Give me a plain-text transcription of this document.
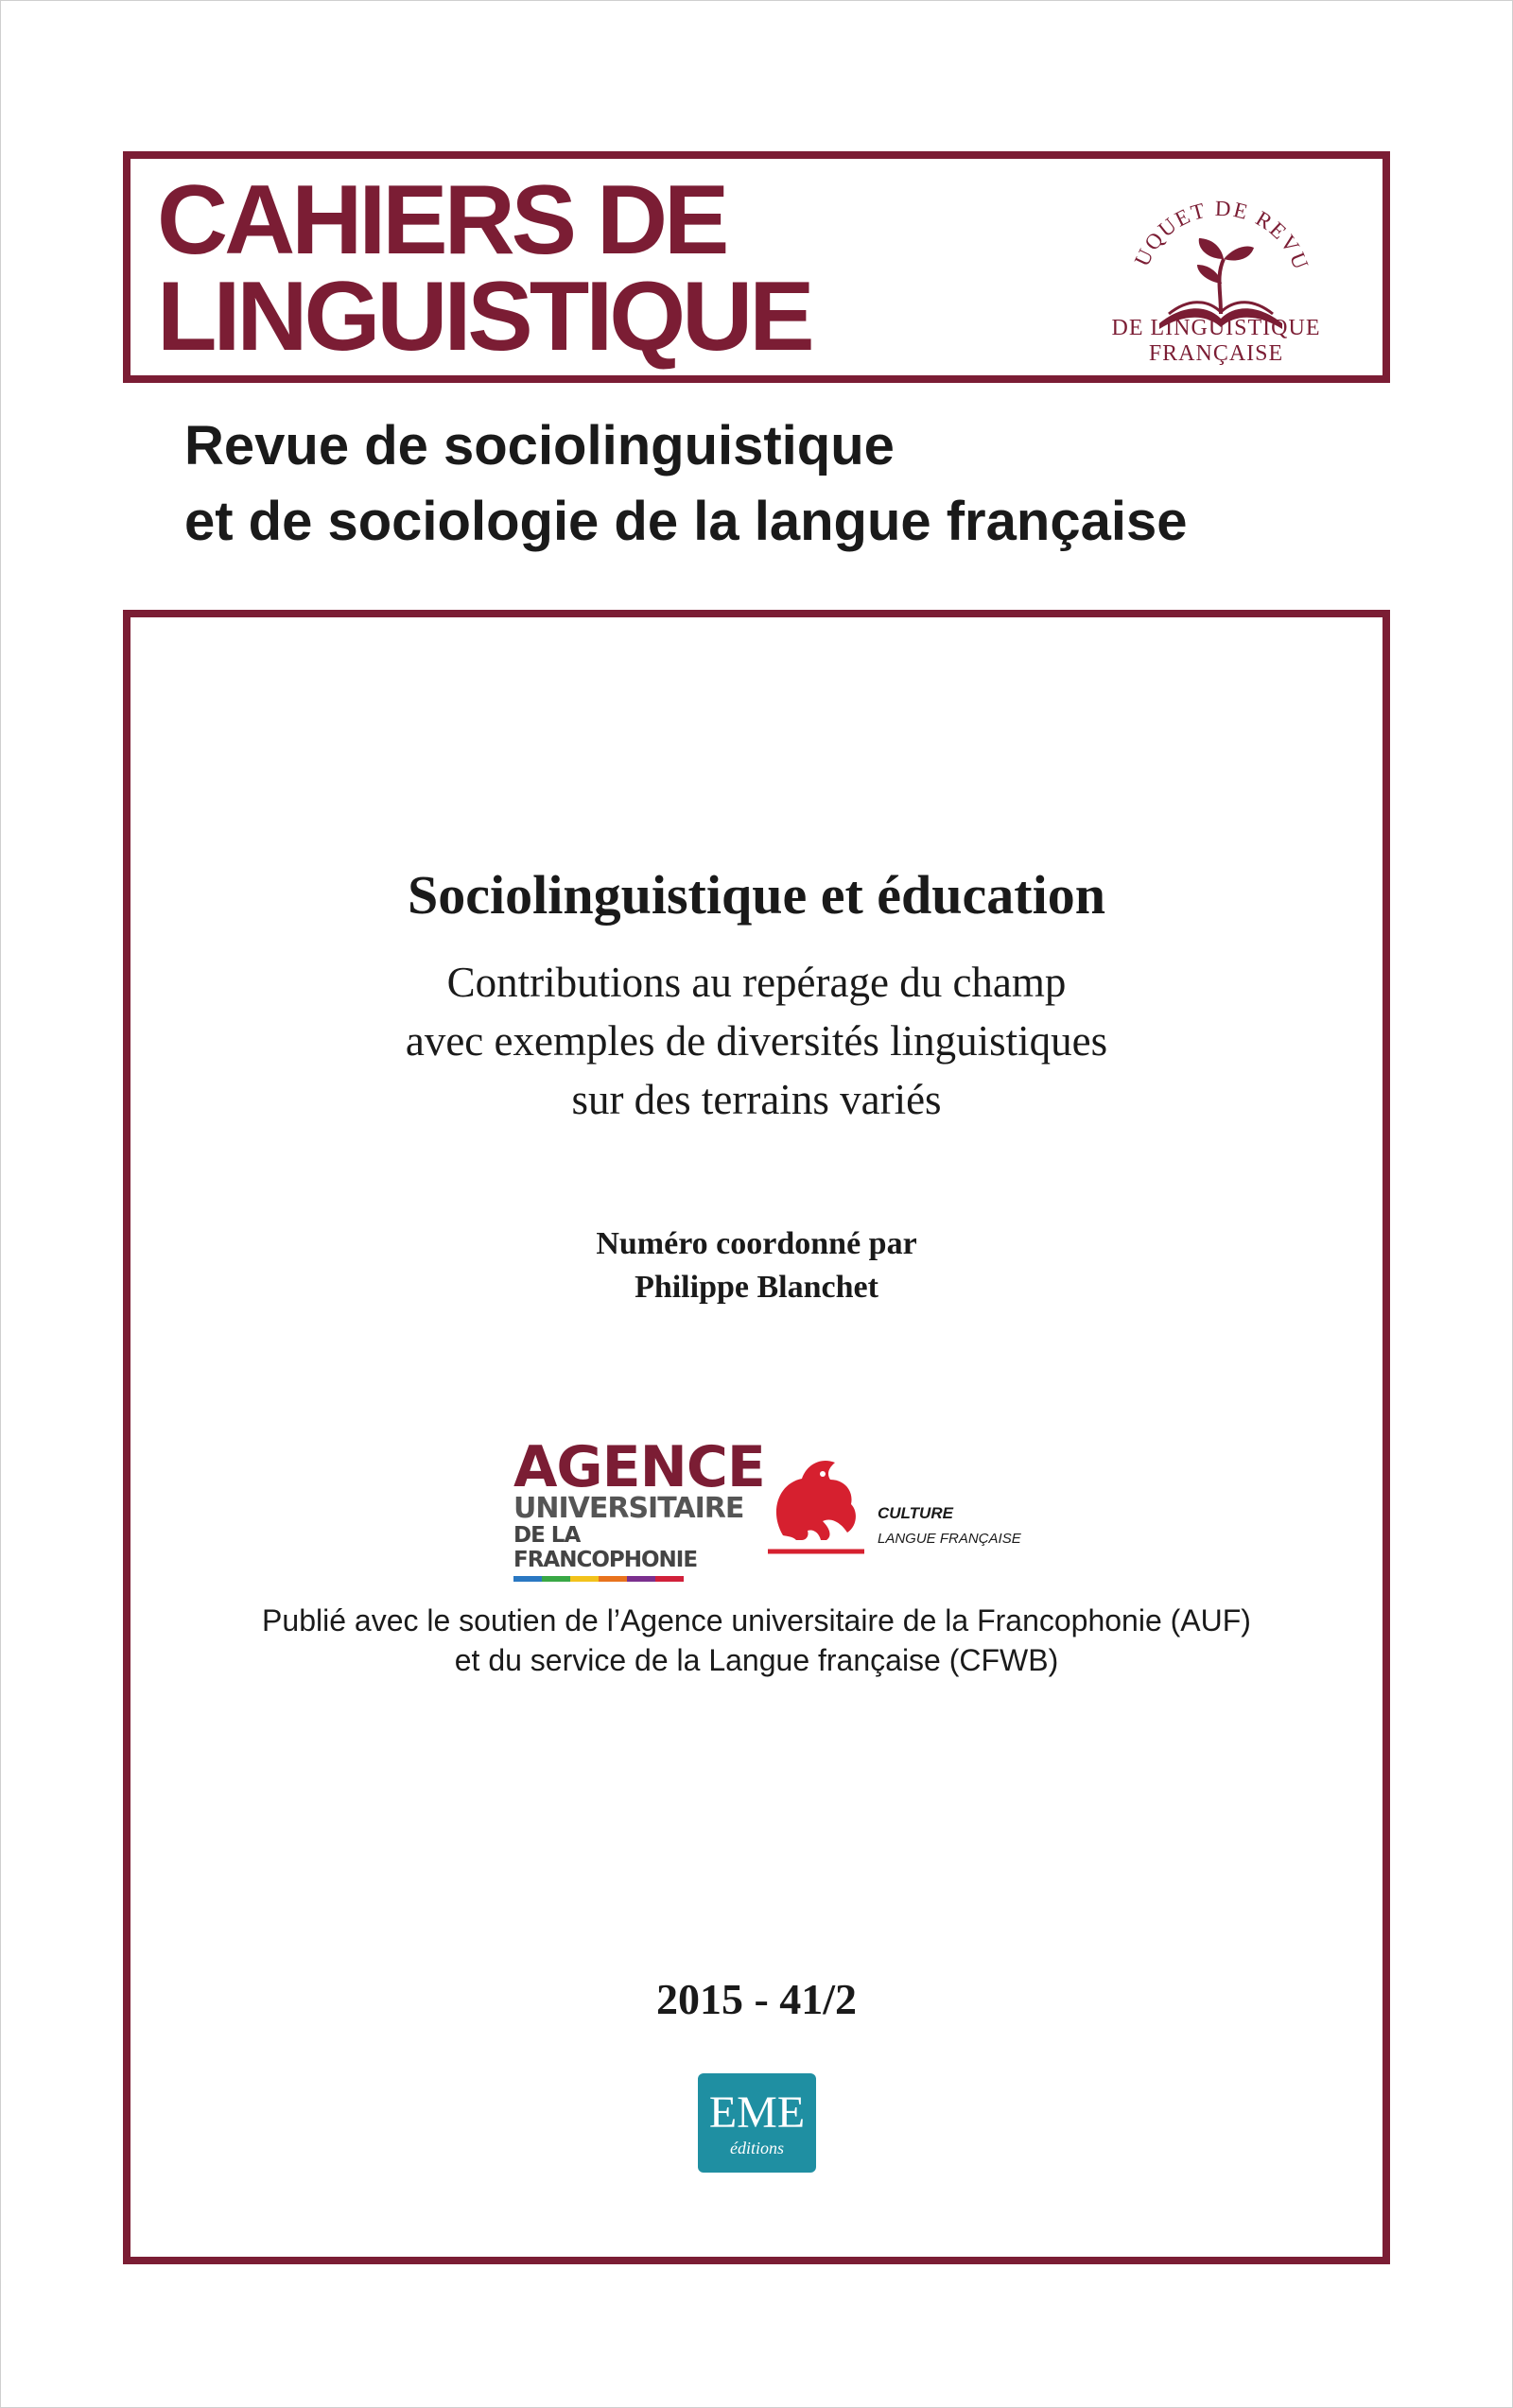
CAHIERS DE
LINGUISTIQUE
UQUET DE REVU
DE LINGUISTIQUE FRANÇAISE
Revue de sociolinguistique
et de sociologie de la langue française
Sociolinguistique et éducation
Contributions au repérage du champ
avec exemples de diversités linguistiques
sur des terrains variés
Numéro coordonné par
Philippe Blanchet
AGENCE
UNIVERSITAIRE
DE LA FRANCOPHONIE
CULTURE
LANGUE FRANÇAISE
Publié avec le soutien de l’Agence universitaire de la Francophonie (AUF)
et du service de la Langue française (CFWB)
2015 - 41/2
EME
éditions
